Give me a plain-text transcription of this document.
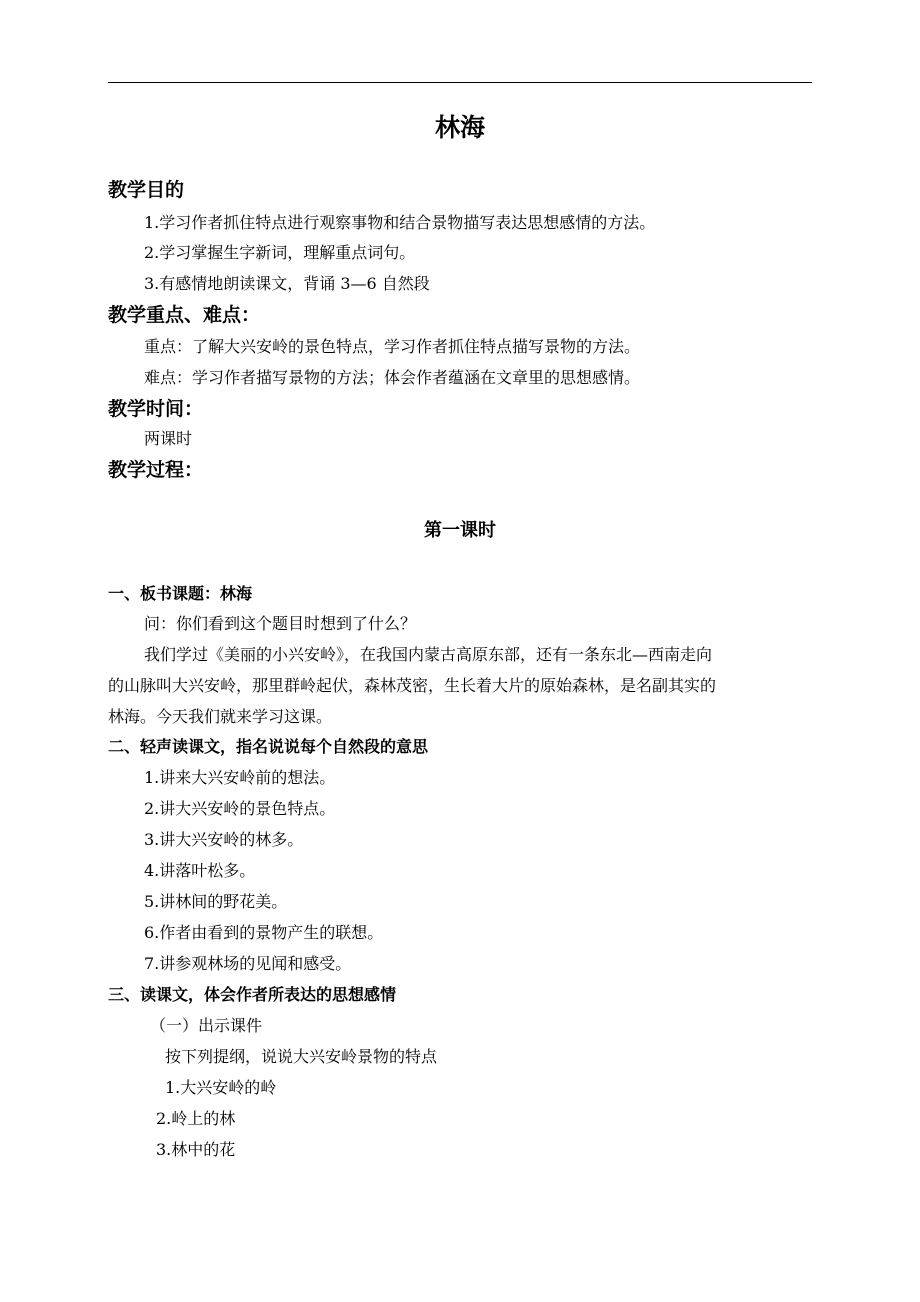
林海
教学目的
1.学习作者抓住特点进行观察事物和结合景物描写表达思想感情的方法。
2.学习掌握生字新词，理解重点词句。
3.有感情地朗读课文，背诵 3—6 自然段
教学重点、难点：
重点：了解大兴安岭的景色特点，学习作者抓住特点描写景物的方法。
难点：学习作者描写景物的方法；体会作者蕴涵在文章里的思想感情。
教学时间：
两课时
教学过程：
第一课时
一、板书课题：林海
问：你们看到这个题目时想到了什么？
我们学过《美丽的小兴安岭》，在我国内蒙古高原东部，还有一条东北—西南走向
的山脉叫大兴安岭，那里群岭起伏，森林茂密，生长着大片的原始森林，是名副其实的
林海。今天我们就来学习这课。
二、轻声读课文，指名说说每个自然段的意思
1.讲来大兴安岭前的想法。
2.讲大兴安岭的景色特点。
3.讲大兴安岭的林多。
4.讲落叶松多。
5.讲林间的野花美。
6.作者由看到的景物产生的联想。
7.讲参观林场的见闻和感受。
三、读课文，体会作者所表达的思想感情
（一）出示课件
按下列提纲，说说大兴安岭景物的特点
1.大兴安岭的岭
2.岭上的林
3.林中的花
